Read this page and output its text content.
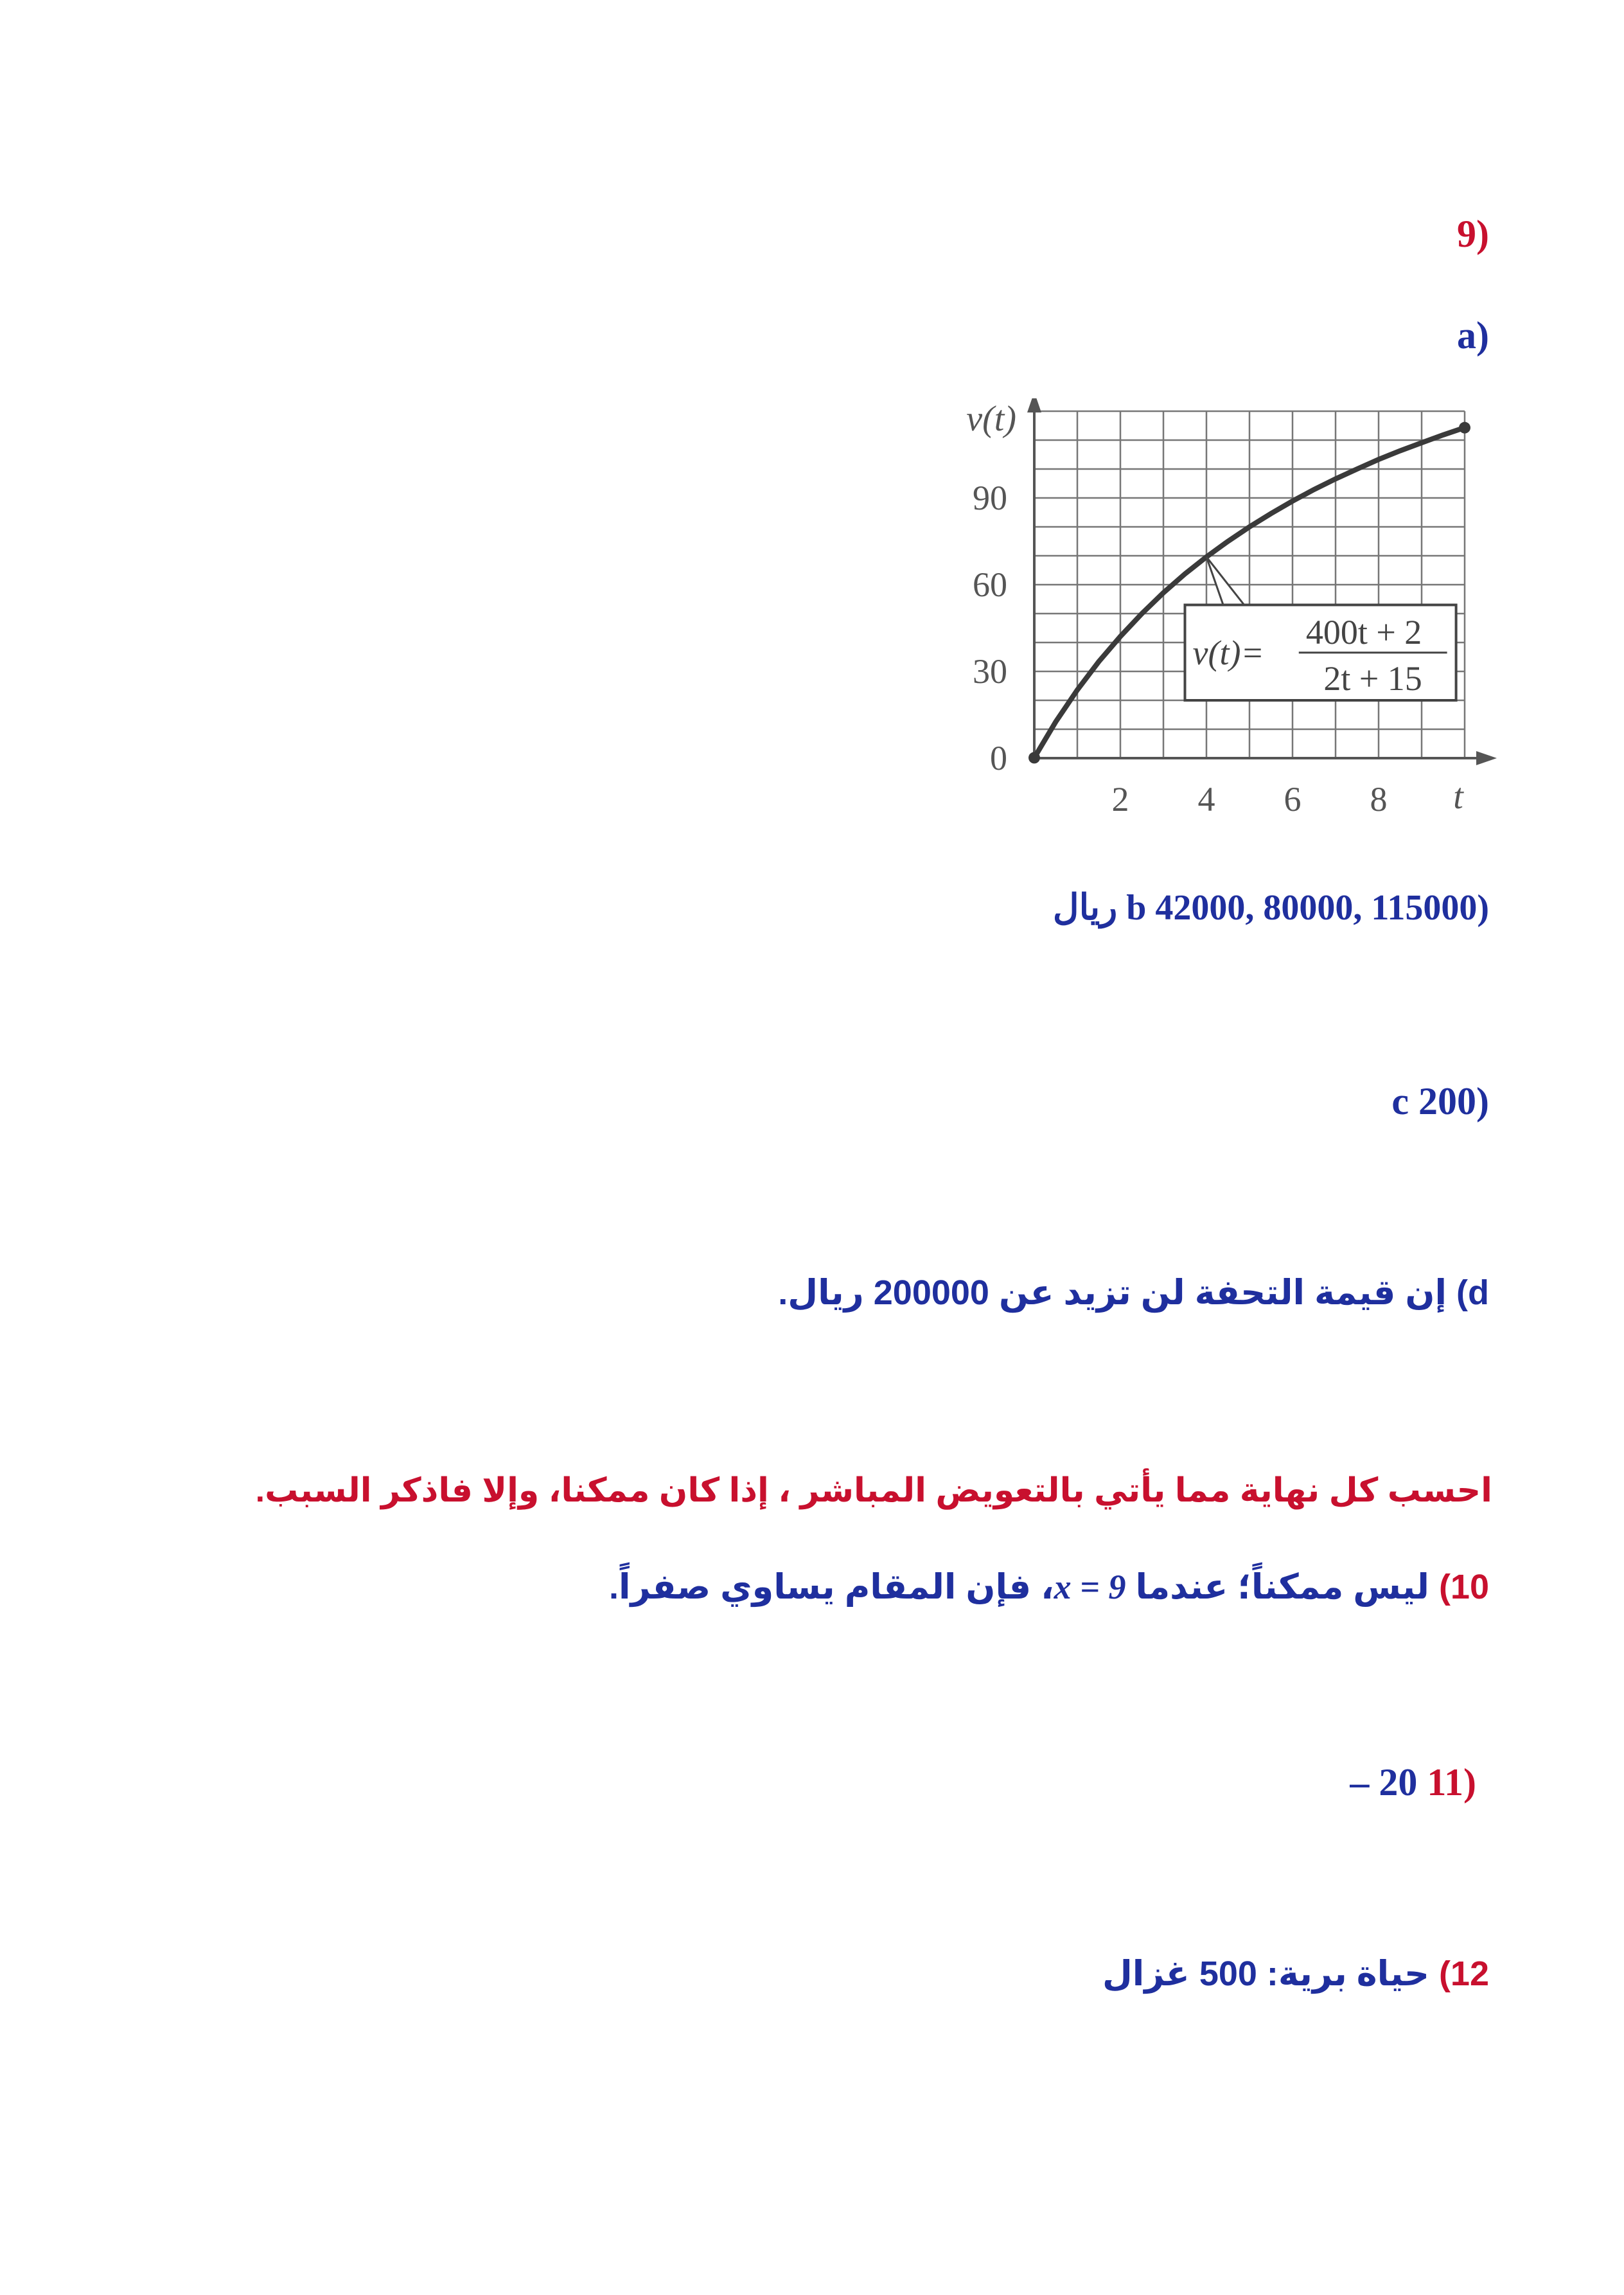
(9
(a
2 4 6 8
0
30
60
90
v(t)=
400t + 2
2t + 15
v(t)
t
(b 42000, 80000, 115000 ريال
(c 200
d) إن قيمة التحفة لن تزيد عن 200000 ريال.
احسب كل نهاية مما يأتي بالتعويض المباشر ، إذا كان ممكنا، وإلا فاذكر السبب.
10) ليس ممكناً؛ عندما x = 9، فإن المقام يساوي صفراً.
(11 – 20
12) حياة برية: 500 غزال
